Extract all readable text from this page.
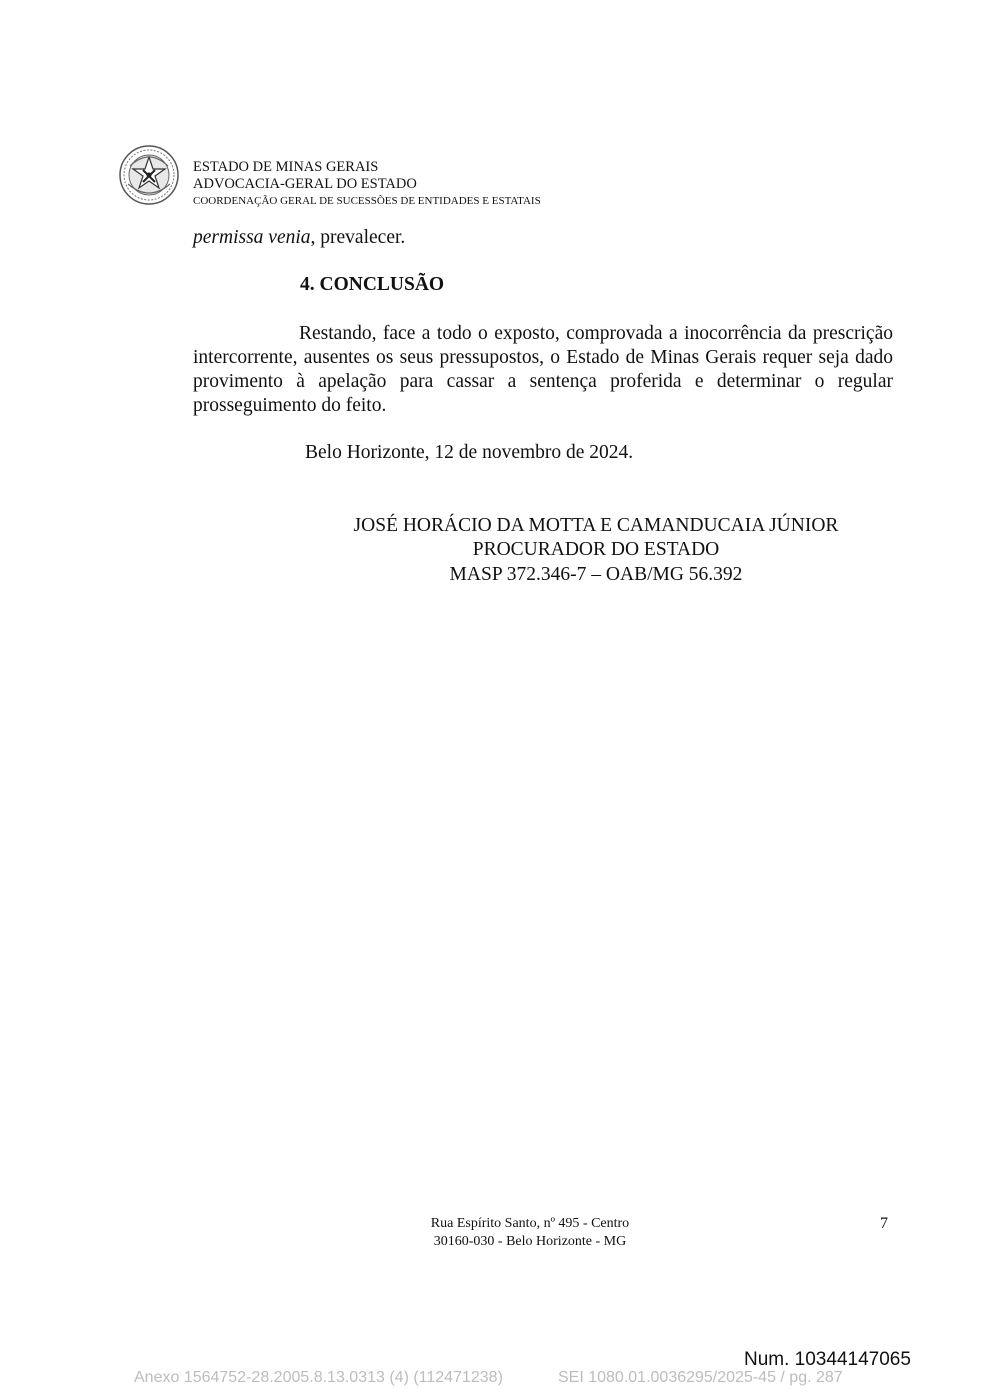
ESTADO DE MINAS GERAIS
ADVOCACIA-GERAL DO ESTADO
COORDENAÇÃO GERAL DE SUCESSÕES DE ENTIDADES E ESTATAIS
permissa venia, prevalecer.
4. CONCLUSÃO
Restando, face a todo o exposto, comprovada a inocorrência da prescrição intercorrente, ausentes os seus pressupostos, o Estado de Minas Gerais requer seja dado provimento à apelação para cassar a sentença proferida e determinar o regular prosseguimento do feito.
Belo Horizonte, 12 de novembro de 2024.
JOSÉ HORÁCIO DA MOTTA E CAMANDUCAIA JÚNIOR
PROCURADOR DO ESTADO
MASP 372.346-7 – OAB/MG 56.392
Rua Espírito Santo, nº 495 - Centro
30160-030 - Belo Horizonte - MG
7
Num. 10344147065
Anexo 1564752-28.2005.8.13.0313 (4) (112471238)	SEI 1080.01.0036295/2025-45 / pg. 287
